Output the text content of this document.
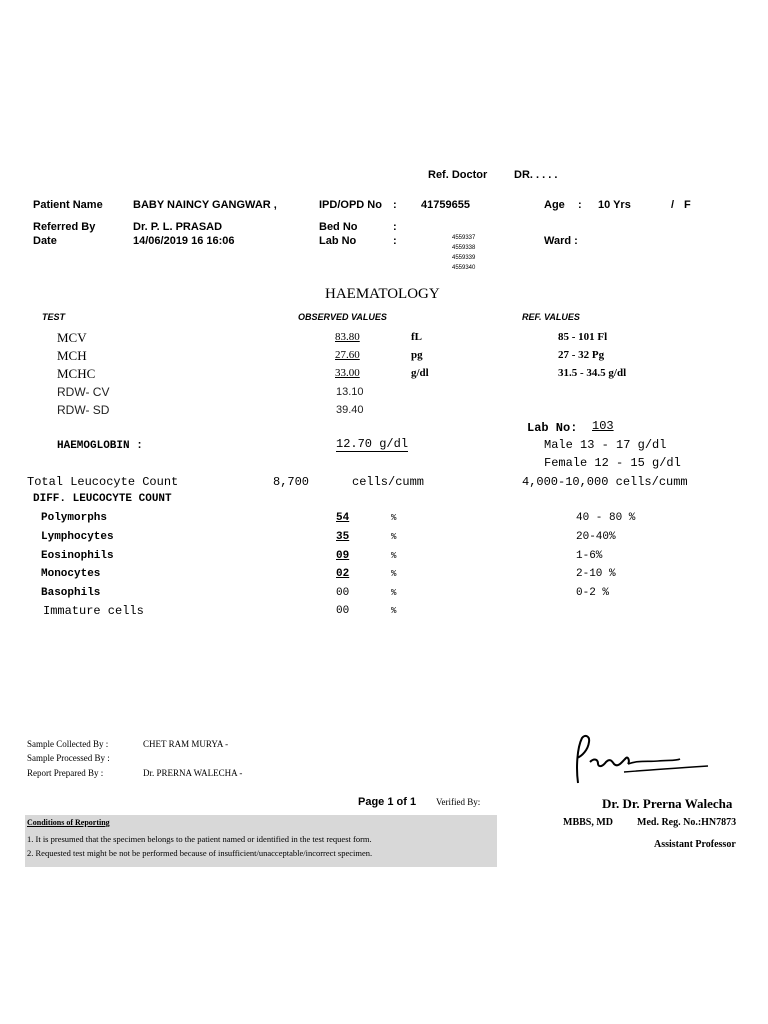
Ref. Doctor DR. . . . .
Patient Name	BABY NAINCY GANGWAR ,	IPD/OPD No : 41759655	Age : 10 Yrs	/ F
Referred By	Dr. P. L. PRASAD	Bed No	:
Date	14/06/2019 16 16:06	Lab No	:	4559337
4559338
4559339
4559340
Ward :
HAEMATOLOGY
TEST	OBSERVED VALUES	REF. VALUES
MCV	83.80	fL	85 - 101 Fl
MCH	27.60	pg	27 - 32 Pg
MCHC	33.00	g/dl	31.5 - 34.5 g/dl
RDW- CV	13.10
RDW- SD	39.40
Lab No: 103
HAEMOGLOBIN :	12.70 g/dl	Male 13 - 17 g/dl
Female 12 - 15 g/dl
Total Leucocyte Count	8,700	cells/cumm	4,000-10,000 cells/cumm
DIFF. LEUCOCYTE COUNT
Polymorphs	54	%	40 - 80 %
Lymphocytes	35	%	20-40%
Eosinophils	09	%	1-6%
Monocytes	02	%	2-10 %
Basophils	00	%	0-2 %
Immature cells	00	%
Sample Collected By :	CHET RAM MURYA -
Sample Processed By :
Report Prepared By :	Dr. PRERNA WALECHA -
Page 1 of 1 Verified By:	Dr. Dr. Prerna Walecha
MBBS, MD Med. Reg. No.:HN7873
Assistant Professor
Conditions of Reporting
1. It is presumed that the specimen belongs to the patient named or identified in the test request form.
2. Requested test might be not be performed because of insufficient/unacceptable/incorrect specimen.
